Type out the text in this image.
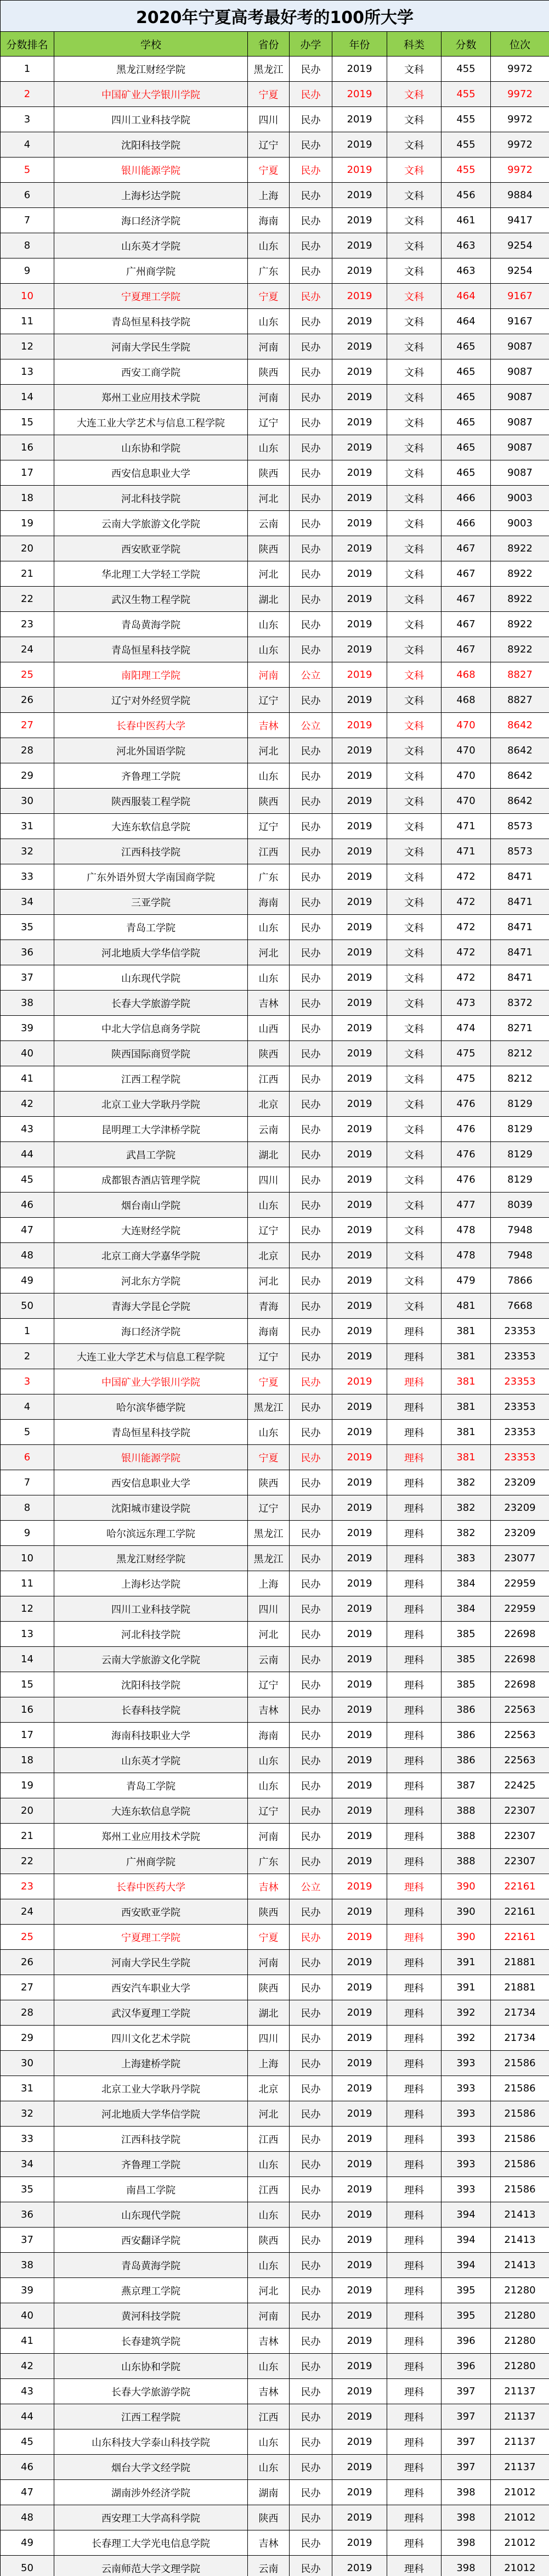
2020年宁夏高考最好考的100所大学							
分数排名	学校	省份	办学	年份	科类	分数	位次
1	黑龙江财经学院	黑龙江	民办	2019	文科	455	9972
2	中国矿业大学银川学院	宁夏	民办	2019	文科	455	9972
3	四川工业科技学院	四川	民办	2019	文科	455	9972
4	沈阳科技学院	辽宁	民办	2019	文科	455	9972
5	银川能源学院	宁夏	民办	2019	文科	455	9972
6	上海杉达学院	上海	民办	2019	文科	456	9884
7	海口经济学院	海南	民办	2019	文科	461	9417
8	山东英才学院	山东	民办	2019	文科	463	9254
9	广州商学院	广东	民办	2019	文科	463	9254
10	宁夏理工学院	宁夏	民办	2019	文科	464	9167
11	青岛恒星科技学院	山东	民办	2019	文科	464	9167
12	河南大学民生学院	河南	民办	2019	文科	465	9087
13	西安工商学院	陕西	民办	2019	文科	465	9087
14	郑州工业应用技术学院	河南	民办	2019	文科	465	9087
15	大连工业大学艺术与信息工程学院	辽宁	民办	2019	文科	465	9087
16	山东协和学院	山东	民办	2019	文科	465	9087
17	西安信息职业大学	陕西	民办	2019	文科	465	9087
18	河北科技学院	河北	民办	2019	文科	466	9003
19	云南大学旅游文化学院	云南	民办	2019	文科	466	9003
20	西安欧亚学院	陕西	民办	2019	文科	467	8922
21	华北理工大学轻工学院	河北	民办	2019	文科	467	8922
22	武汉生物工程学院	湖北	民办	2019	文科	467	8922
23	青岛黄海学院	山东	民办	2019	文科	467	8922
24	青岛恒星科技学院	山东	民办	2019	文科	467	8922
25	南阳理工学院	河南	公立	2019	文科	468	8827
26	辽宁对外经贸学院	辽宁	民办	2019	文科	468	8827
27	长春中医药大学	吉林	公立	2019	文科	470	8642
28	河北外国语学院	河北	民办	2019	文科	470	8642
29	齐鲁理工学院	山东	民办	2019	文科	470	8642
30	陕西服装工程学院	陕西	民办	2019	文科	470	8642
31	大连东软信息学院	辽宁	民办	2019	文科	471	8573
32	江西科技学院	江西	民办	2019	文科	471	8573
33	广东外语外贸大学南国商学院	广东	民办	2019	文科	472	8471
34	三亚学院	海南	民办	2019	文科	472	8471
35	青岛工学院	山东	民办	2019	文科	472	8471
36	河北地质大学华信学院	河北	民办	2019	文科	472	8471
37	山东现代学院	山东	民办	2019	文科	472	8471
38	长春大学旅游学院	吉林	民办	2019	文科	473	8372
39	中北大学信息商务学院	山西	民办	2019	文科	474	8271
40	陕西国际商贸学院	陕西	民办	2019	文科	475	8212
41	江西工程学院	江西	民办	2019	文科	475	8212
42	北京工业大学耿丹学院	北京	民办	2019	文科	476	8129
43	昆明理工大学津桥学院	云南	民办	2019	文科	476	8129
44	武昌工学院	湖北	民办	2019	文科	476	8129
45	成都银杏酒店管理学院	四川	民办	2019	文科	476	8129
46	烟台南山学院	山东	民办	2019	文科	477	8039
47	大连财经学院	辽宁	民办	2019	文科	478	7948
48	北京工商大学嘉华学院	北京	民办	2019	文科	478	7948
49	河北东方学院	河北	民办	2019	文科	479	7866
50	青海大学昆仑学院	青海	民办	2019	文科	481	7668
1	海口经济学院	海南	民办	2019	理科	381	23353
2	大连工业大学艺术与信息工程学院	辽宁	民办	2019	理科	381	23353
3	中国矿业大学银川学院	宁夏	民办	2019	理科	381	23353
4	哈尔滨华德学院	黑龙江	民办	2019	理科	381	23353
5	青岛恒星科技学院	山东	民办	2019	理科	381	23353
6	银川能源学院	宁夏	民办	2019	理科	381	23353
7	西安信息职业大学	陕西	民办	2019	理科	382	23209
8	沈阳城市建设学院	辽宁	民办	2019	理科	382	23209
9	哈尔滨远东理工学院	黑龙江	民办	2019	理科	382	23209
10	黑龙江财经学院	黑龙江	民办	2019	理科	383	23077
11	上海杉达学院	上海	民办	2019	理科	384	22959
12	四川工业科技学院	四川	民办	2019	理科	384	22959
13	河北科技学院	河北	民办	2019	理科	385	22698
14	云南大学旅游文化学院	云南	民办	2019	理科	385	22698
15	沈阳科技学院	辽宁	民办	2019	理科	385	22698
16	长春科技学院	吉林	民办	2019	理科	386	22563
17	海南科技职业大学	海南	民办	2019	理科	386	22563
18	山东英才学院	山东	民办	2019	理科	386	22563
19	青岛工学院	山东	民办	2019	理科	387	22425
20	大连东软信息学院	辽宁	民办	2019	理科	388	22307
21	郑州工业应用技术学院	河南	民办	2019	理科	388	22307
22	广州商学院	广东	民办	2019	理科	388	22307
23	长春中医药大学	吉林	公立	2019	理科	390	22161
24	西安欧亚学院	陕西	民办	2019	理科	390	22161
25	宁夏理工学院	宁夏	民办	2019	理科	390	22161
26	河南大学民生学院	河南	民办	2019	理科	391	21881
27	西安汽车职业大学	陕西	民办	2019	理科	391	21881
28	武汉华夏理工学院	湖北	民办	2019	理科	392	21734
29	四川文化艺术学院	四川	民办	2019	理科	392	21734
30	上海建桥学院	上海	民办	2019	理科	393	21586
31	北京工业大学耿丹学院	北京	民办	2019	理科	393	21586
32	河北地质大学华信学院	河北	民办	2019	理科	393	21586
33	江西科技学院	江西	民办	2019	理科	393	21586
34	齐鲁理工学院	山东	民办	2019	理科	393	21586
35	南昌工学院	江西	民办	2019	理科	393	21586
36	山东现代学院	山东	民办	2019	理科	394	21413
37	西安翻译学院	陕西	民办	2019	理科	394	21413
38	青岛黄海学院	山东	民办	2019	理科	394	21413
39	燕京理工学院	河北	民办	2019	理科	395	21280
40	黄河科技学院	河南	民办	2019	理科	395	21280
41	长春建筑学院	吉林	民办	2019	理科	396	21280
42	山东协和学院	山东	民办	2019	理科	396	21280
43	长春大学旅游学院	吉林	民办	2019	理科	397	21137
44	江西工程学院	江西	民办	2019	理科	397	21137
45	山东科技大学泰山科技学院	山东	民办	2019	理科	397	21137
46	烟台大学文经学院	山东	民办	2019	理科	397	21137
47	湖南涉外经济学院	湖南	民办	2019	理科	398	21012
48	西安理工大学高科学院	陕西	民办	2019	理科	398	21012
49	长春理工大学光电信息学院	吉林	民办	2019	理科	398	21012
50	云南师范大学文理学院	云南	民办	2019	理科	398	21012
